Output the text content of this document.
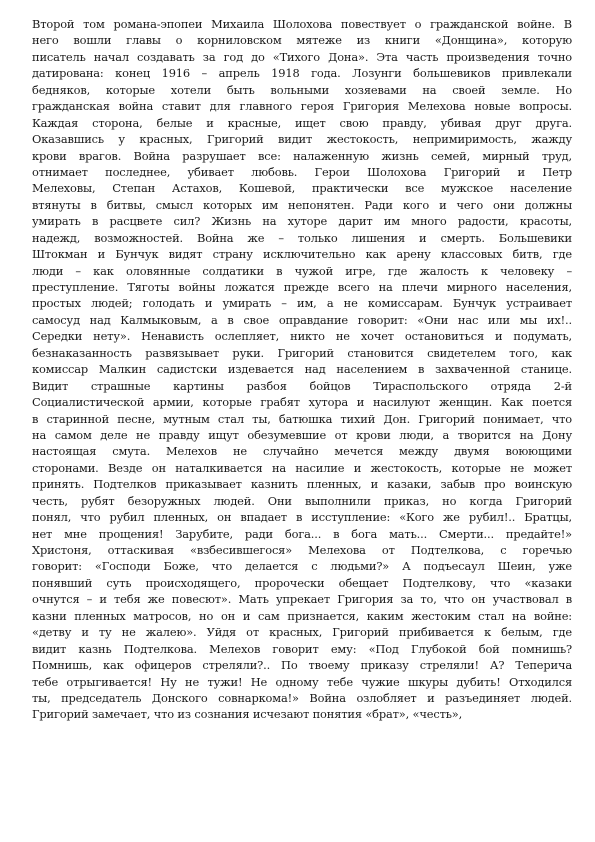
Второй том романа-эпопеи Михаила Шолохова повествует о гражданской войне. В
него вошли главы о корниловском мятеже из книги «Донщина», которую
писатель начал создавать за год до «Тихого Дона». Эта часть произведения точно
датирована: конец 1916 – апрель 1918 года. Лозунги большевиков привлекали
бедняков, которые хотели быть вольными хозяевами на своей земле. Но
гражданская война ставит для главного героя Григория Мелехова новые вопросы.
Каждая сторона, белые и красные, ищет свою правду, убивая друг друга.
Оказавшись у красных, Григорий видит жестокость, непримиримость, жажду
крови врагов. Война разрушает все: налаженную жизнь семей, мирный труд,
отнимает последнее, убивает любовь. Герои Шолохова Григорий и Петр
Мелеховы, Степан Астахов, Кошевой, практически все мужское население
втянуты в битвы, смысл которых им непонятен. Ради кого и чего они должны
умирать в расцвете сил? Жизнь на хуторе дарит им много радости, красоты,
надежд, возможностей. Война же – только лишения и смерть. Большевики
Штокман и Бунчук видят страну исключительно как арену классовых битв, где
люди – как оловянные солдатики в чужой игре, где жалость к человеку –
преступление. Тяготы войны ложатся прежде всего на плечи мирного населения,
простых людей; голодать и умирать – им, а не комиссарам. Бунчук устраивает
самосуд над Калмыковым, а в свое оправдание говорит: «Они нас или мы их!..
Середки нету». Ненависть ослепляет, никто не хочет остановиться и подумать,
безнаказанность развязывает руки. Григорий становится свидетелем того, как
комиссар Малкин садистски издевается над населением в захваченной станице.
Видит страшные картины разбоя бойцов Тираспольского отряда 2-й
Социалистической армии, которые грабят хутора и насилуют женщин. Как поется
в старинной песне, мутным стал ты, батюшка тихий Дон. Григорий понимает, что
на самом деле не правду ищут обезумевшие от крови люди, а творится на Дону
настоящая смута. Мелехов не случайно мечется между двумя воюющими
сторонами. Везде он наталкивается на насилие и жестокость, которые не может
принять. Подтелков приказывает казнить пленных, и казаки, забыв про воинскую
честь, рубят безоружных людей. Они выполнили приказ, но когда Григорий
понял, что рубил пленных, он впадает в исступление: «Кого же рубил!.. Братцы,
нет мне прощения! Зарубите, ради бога... в бога мать... Смерти... предайте!»
Христоня, оттаскивая «взбесившегося» Мелехова от Подтелкова, с горечью
говорит: «Господи Боже, что делается с людьми?» А подъесаул Шеин, уже
понявший суть происходящего, пророчески обещает Подтелкову, что «казаки
очнутся – и тебя же повесют». Мать упрекает Григория за то, что он участвовал в
казни пленных матросов, но он и сам признается, каким жестоким стал на войне:
«детву и ту не жалею». Уйдя от красных, Григорий прибивается к белым, где
видит казнь Подтелкова. Мелехов говорит ему: «Под Глубокой бой помнишь?
Помнишь, как офицеров стреляли?.. По твоему приказу стреляли! А? Теперича
тебе отрыгивается! Ну не тужи! Не одному тебе чужие шкуры дубить! Отходился
ты, председатель Донского совнаркома!» Война озлобляет и разъединяет людей.
Григорий замечает, что из сознания исчезают понятия «брат», «честь»,
